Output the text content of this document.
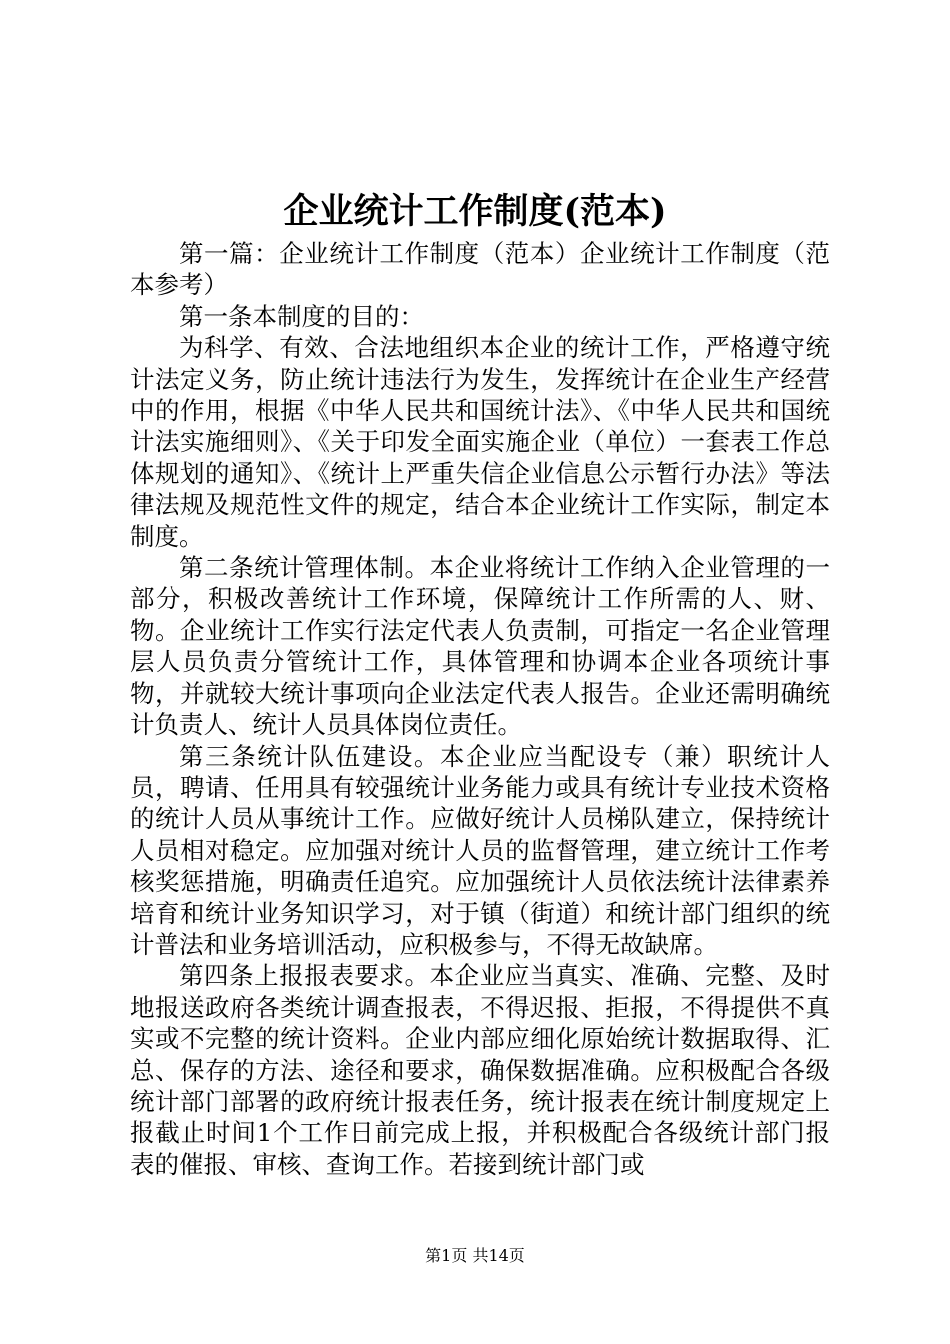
企业统计工作制度(范本)

第一篇：企业统计工作制度（范本）企业统计工作制度（范本参考）

第一条本制度的目的：

为科学、有效、合法地组织本企业的统计工作，严格遵守统计法定义务，防止统计违法行为发生，发挥统计在企业生产经营中的作用，根据《中华人民共和国统计法》、《中华人民共和国统计法实施细则》、《关于印发全面实施企业（单位）一套表工作总体规划的通知》、《统计上严重失信企业信息公示暂行办法》等法律法规及规范性文件的规定，结合本企业统计工作实际，制定本制度。

第二条统计管理体制。本企业将统计工作纳入企业管理的一部分，积极改善统计工作环境，保障统计工作所需的人、财、物。企业统计工作实行法定代表人负责制，可指定一名企业管理层人员负责分管统计工作，具体管理和协调本企业各项统计事物，并就较大统计事项向企业法定代表人报告。企业还需明确统计负责人、统计人员具体岗位责任。

第三条统计队伍建设。本企业应当配设专（兼）职统计人员，聘请、任用具有较强统计业务能力或具有统计专业技术资格的统计人员从事统计工作。应做好统计人员梯队建立，保持统计人员相对稳定。应加强对统计人员的监督管理，建立统计工作考核奖惩措施，明确责任追究。应加强统计人员依法统计法律素养培育和统计业务知识学习，对于镇（街道）和统计部门组织的统计普法和业务培训活动，应积极参与，不得无故缺席。

第四条上报报表要求。本企业应当真实、准确、完整、及时地报送政府各类统计调查报表，不得迟报、拒报，不得提供不真实或不完整的统计资料。企业内部应细化原始统计数据取得、汇总、保存的方法、途径和要求，确保数据准确。应积极配合各级统计部门部署的政府统计报表任务，统计报表在统计制度规定上报截止时间1个工作日前完成上报，并积极配合各级统计部门报表的催报、审核、查询工作。若接到统计部门或

第1页 共14页
